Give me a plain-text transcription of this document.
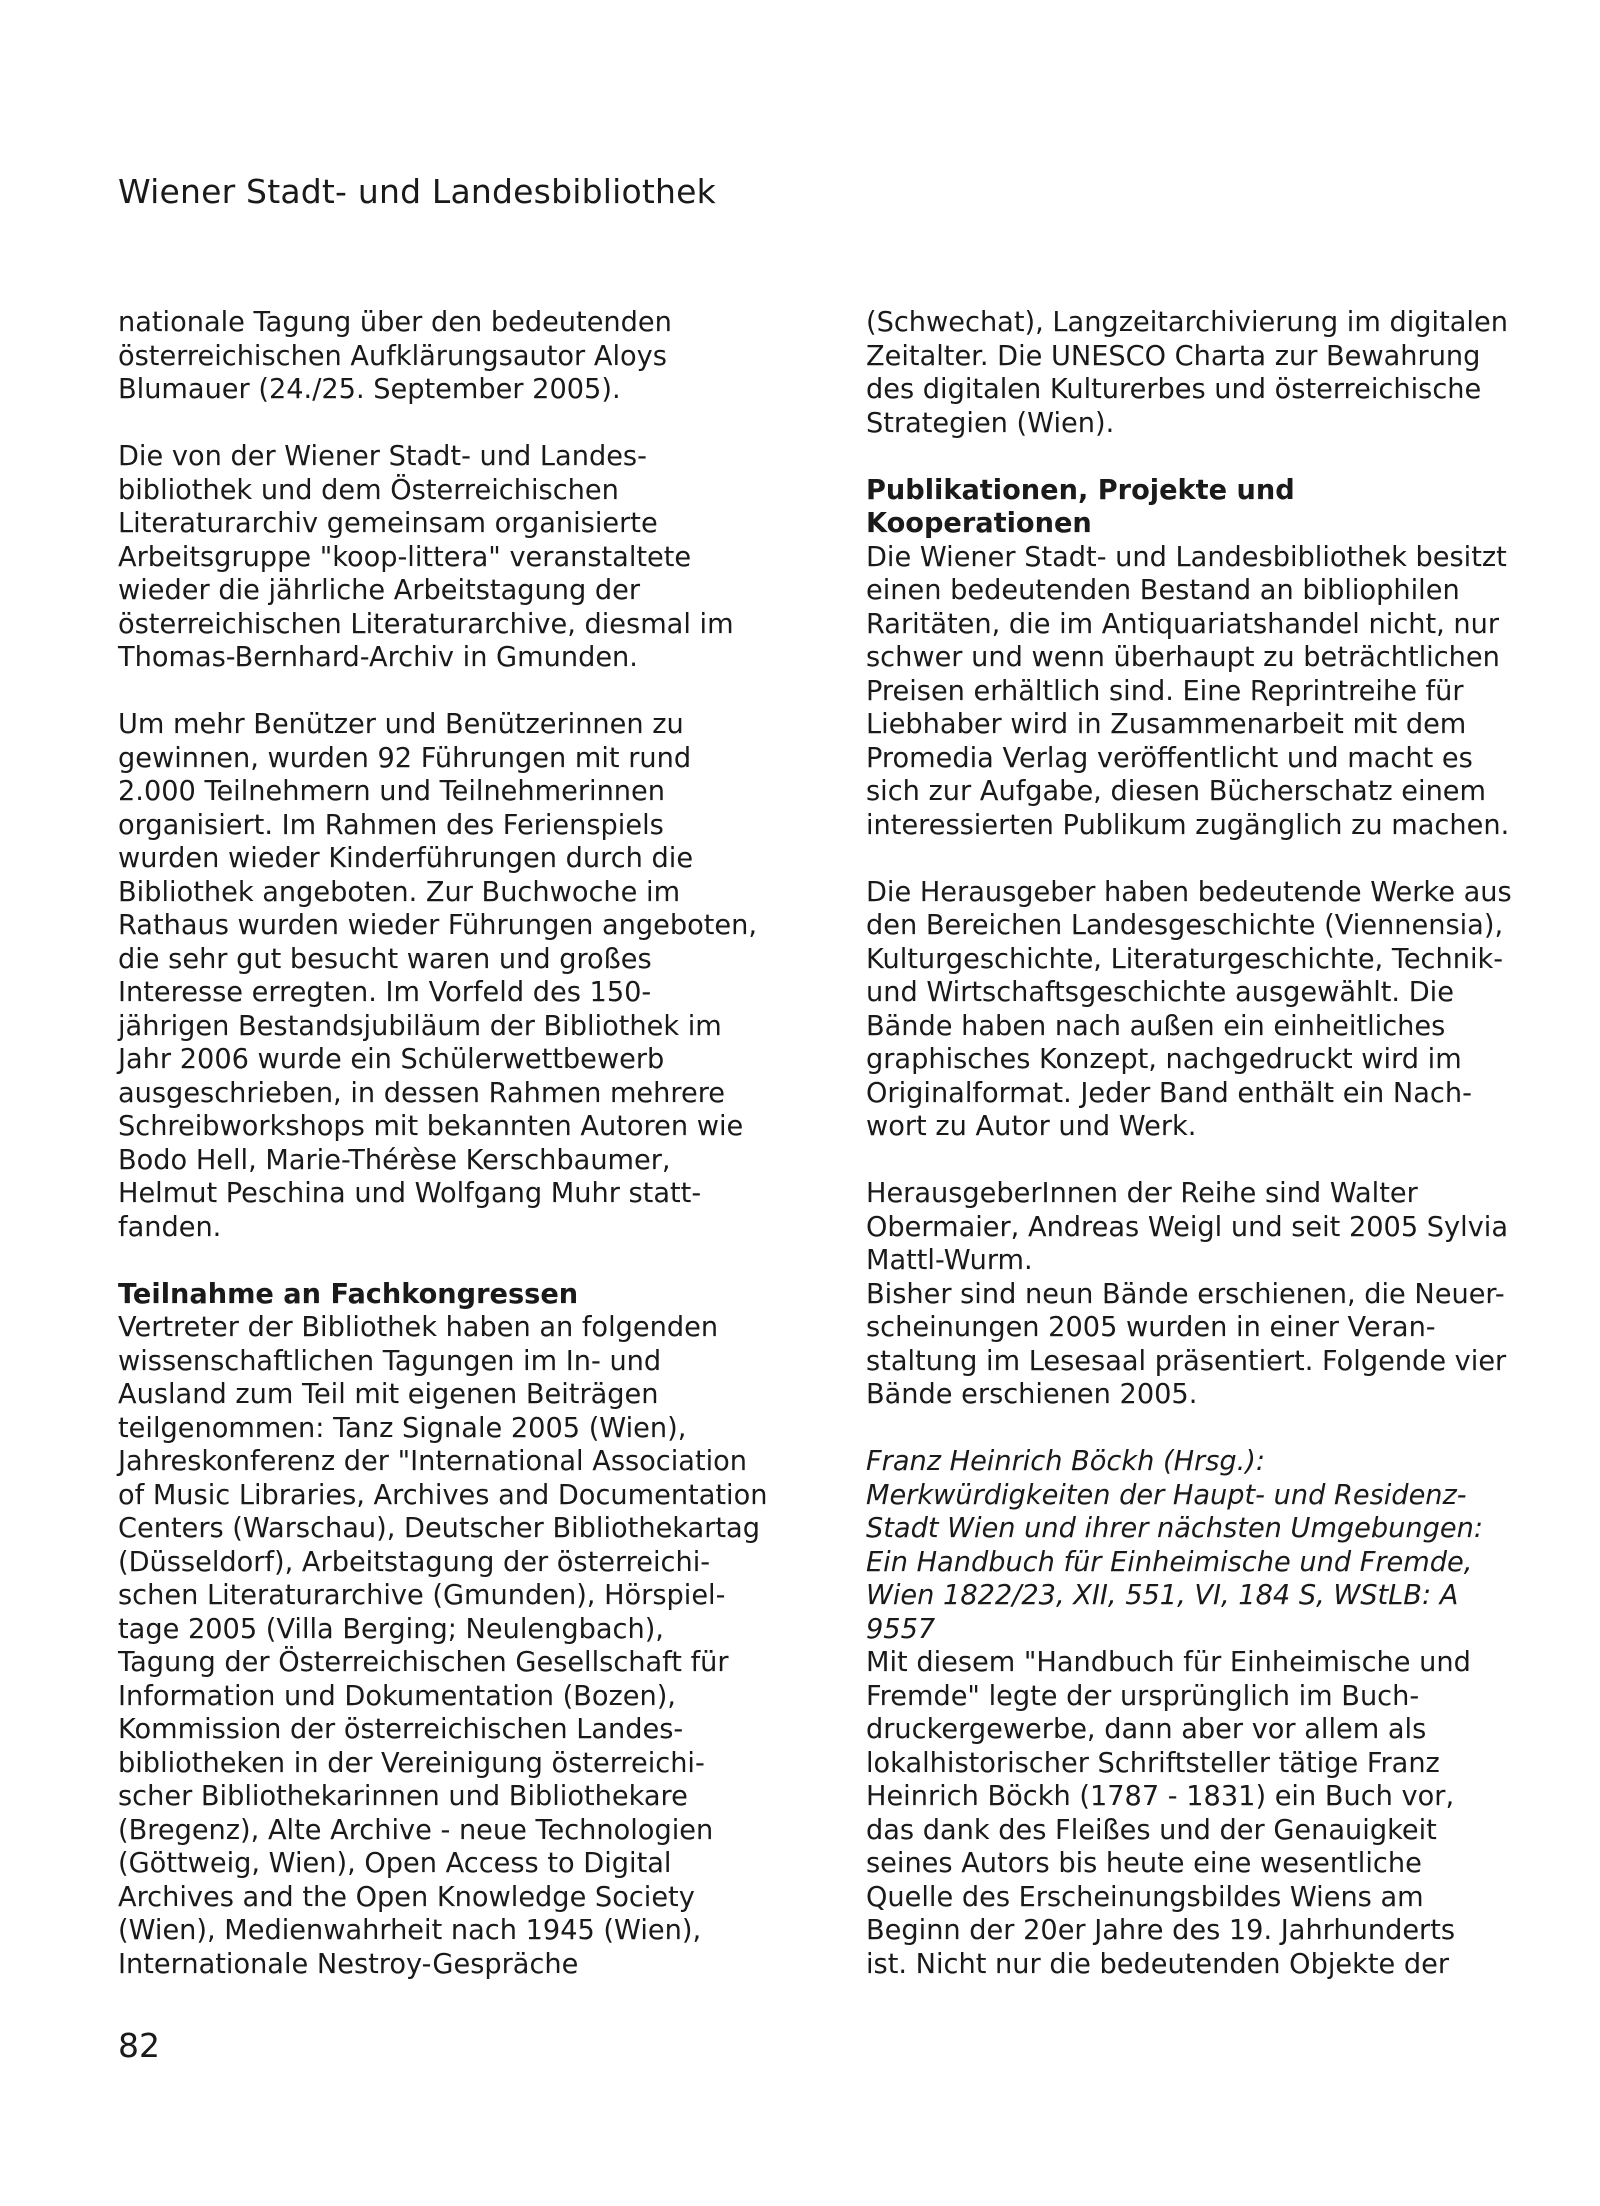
Wiener Stadt- und Landesbibliothek

nationale Tagung über den bedeutenden
österreichischen Aufklärungsautor Aloys
Blumauer (24./25. September 2005).

Die von der Wiener Stadt- und Landes-
bibliothek und dem Österreichischen
Literaturarchiv gemeinsam organisierte
Arbeitsgruppe "koop-littera" veranstaltete
wieder die jährliche Arbeitstagung der
österreichischen Literaturarchive, diesmal im
Thomas-Bernhard-Archiv in Gmunden.

Um mehr Benützer und Benützerinnen zu
gewinnen, wurden 92 Führungen mit rund
2.000 Teilnehmern und Teilnehmerinnen
organisiert. Im Rahmen des Ferienspiels
wurden wieder Kinderführungen durch die
Bibliothek angeboten. Zur Buchwoche im
Rathaus wurden wieder Führungen angeboten,
die sehr gut besucht waren und großes
Interesse erregten. Im Vorfeld des 150-
jährigen Bestandsjubiläum der Bibliothek im
Jahr 2006 wurde ein Schülerwettbewerb
ausgeschrieben, in dessen Rahmen mehrere
Schreibworkshops mit bekannten Autoren wie
Bodo Hell, Marie-Thérèse Kerschbaumer,
Helmut Peschina und Wolfgang Muhr statt-
fanden.

Teilnahme an Fachkongressen
Vertreter der Bibliothek haben an folgenden
wissenschaftlichen Tagungen im In- und
Ausland zum Teil mit eigenen Beiträgen
teilgenommen: Tanz Signale 2005 (Wien),
Jahreskonferenz der "International Association
of Music Libraries, Archives and Documentation
Centers (Warschau), Deutscher Bibliothekartag
(Düsseldorf), Arbeitstagung der österreichi-
schen Literaturarchive (Gmunden), Hörspiel-
tage 2005 (Villa Berging; Neulengbach),
Tagung der Österreichischen Gesellschaft für
Information und Dokumentation (Bozen),
Kommission der österreichischen Landes-
bibliotheken in der Vereinigung österreichi-
scher Bibliothekarinnen und Bibliothekare
(Bregenz), Alte Archive - neue Technologien
(Göttweig, Wien), Open Access to Digital
Archives and the Open Knowledge Society
(Wien), Medienwahrheit nach 1945 (Wien),
Internationale Nestroy-Gespräche

(Schwechat), Langzeitarchivierung im digitalen
Zeitalter. Die UNESCO Charta zur Bewahrung
des digitalen Kulturerbes und österreichische
Strategien (Wien).

Publikationen, Projekte und
Kooperationen
Die Wiener Stadt- und Landesbibliothek besitzt
einen bedeutenden Bestand an bibliophilen
Raritäten, die im Antiquariatshandel nicht, nur
schwer und wenn überhaupt zu beträchtlichen
Preisen erhältlich sind. Eine Reprintreihe für
Liebhaber wird in Zusammenarbeit mit dem
Promedia Verlag veröffentlicht und macht es
sich zur Aufgabe, diesen Bücherschatz einem
interessierten Publikum zugänglich zu machen.

Die Herausgeber haben bedeutende Werke aus
den Bereichen Landesgeschichte (Viennensia),
Kulturgeschichte, Literaturgeschichte, Technik-
und Wirtschaftsgeschichte ausgewählt. Die
Bände haben nach außen ein einheitliches
graphisches Konzept, nachgedruckt wird im
Originalformat. Jeder Band enthält ein Nach-
wort zu Autor und Werk.

HerausgeberInnen der Reihe sind Walter
Obermaier, Andreas Weigl und seit 2005 Sylvia
Mattl-Wurm.
Bisher sind neun Bände erschienen, die Neuer-
scheinungen 2005 wurden in einer Veran-
staltung im Lesesaal präsentiert. Folgende vier
Bände erschienen 2005.

Franz Heinrich Böckh (Hrsg.):
Merkwürdigkeiten der Haupt- und Residenz-
Stadt Wien und ihrer nächsten Umgebungen:
Ein Handbuch für Einheimische und Fremde,
Wien 1822/23, XII, 551, VI, 184 S, WStLB: A
9557
Mit diesem "Handbuch für Einheimische und
Fremde" legte der ursprünglich im Buch-
druckergewerbe, dann aber vor allem als
lokalhistorischer Schriftsteller tätige Franz
Heinrich Böckh (1787 - 1831) ein Buch vor,
das dank des Fleißes und der Genauigkeit
seines Autors bis heute eine wesentliche
Quelle des Erscheinungsbildes Wiens am
Beginn der 20er Jahre des 19. Jahrhunderts
ist. Nicht nur die bedeutenden Objekte der
82
